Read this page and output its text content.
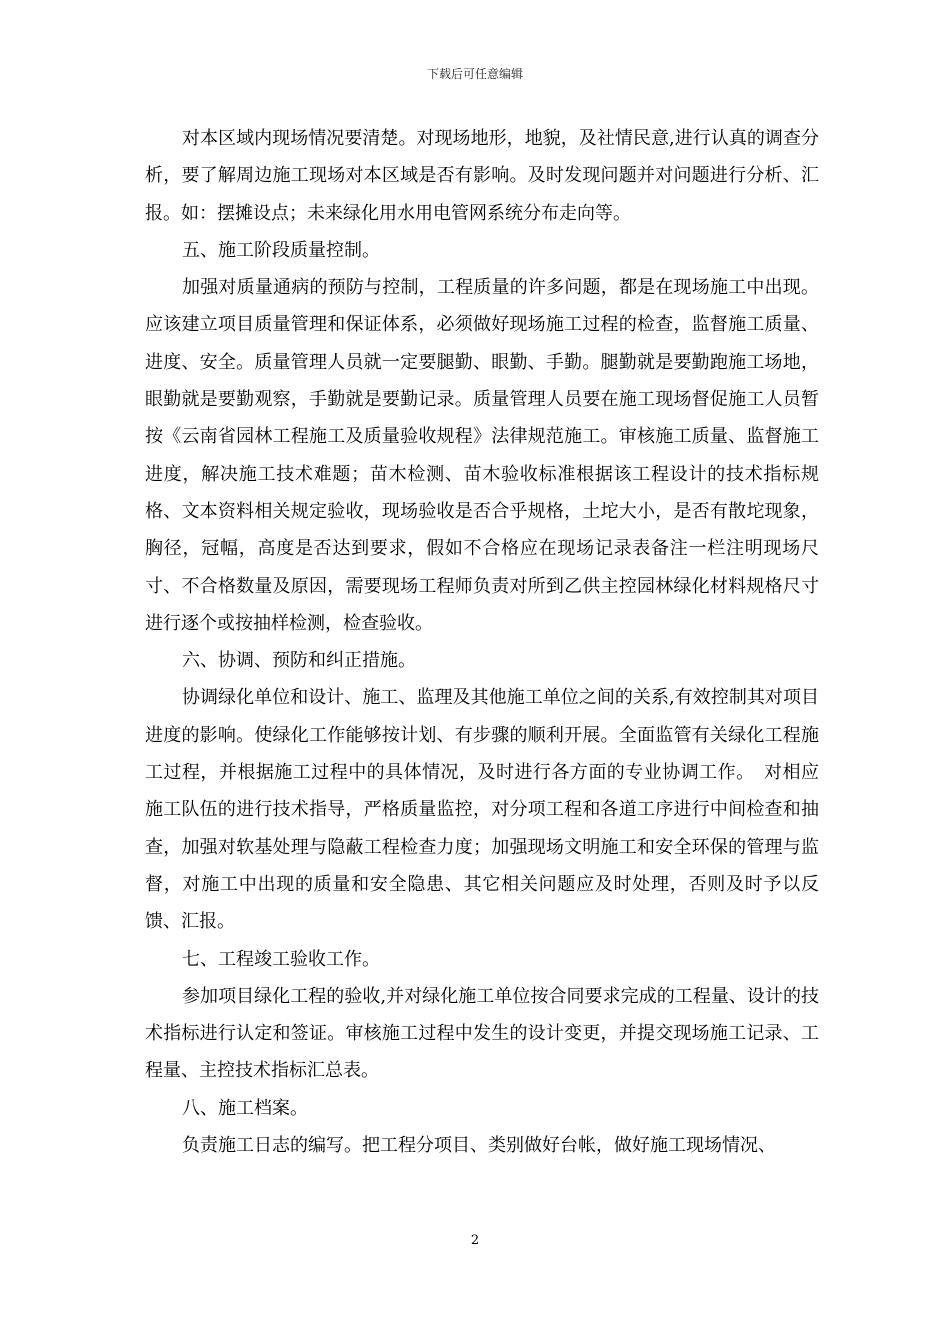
下载后可任意编辑

对本区域内现场情况要清楚。对现场地形，地貌，及社情民意,进行认真的调查分析，要了解周边施工现场对本区域是否有影响。及时发现问题并对问题进行分析、汇报。如：摆摊设点；未来绿化用水用电管网系统分布走向等。

五、施工阶段质量控制。

加强对质量通病的预防与控制，工程质量的许多问题，都是在现场施工中出现。应该建立项目质量管理和保证体系，必须做好现场施工过程的检查，监督施工质量、进度、安全。质量管理人员就一定要腿勤、眼勤、手勤。腿勤就是要勤跑施工场地，眼勤就是要勤观察，手勤就是要勤记录。质量管理人员要在施工现场督促施工人员暂按《云南省园林工程施工及质量验收规程》法律规范施工。审核施工质量、监督施工进度，解决施工技术难题；苗木检测、苗木验收标准根据该工程设计的技术指标规格、文本资料相关规定验收，现场验收是否合乎规格，土坨大小，是否有散坨现象，胸径，冠幅，高度是否达到要求，假如不合格应在现场记录表备注一栏注明现场尺寸、不合格数量及原因，需要现场工程师负责对所到乙供主控园林绿化材料规格尺寸进行逐个或按抽样检测，检查验收。

六、协调、预防和纠正措施。

协调绿化单位和设计、施工、监理及其他施工单位之间的关系,有效控制其对项目进度的影响。使绿化工作能够按计划、有步骤的顺利开展。全面监管有关绿化工程施工过程，并根据施工过程中的具体情况，及时进行各方面的专业协调工作。　对相应施工队伍的进行技术指导，严格质量监控，对分项工程和各道工序进行中间检查和抽查，加强对软基处理与隐蔽工程检查力度；加强现场文明施工和安全环保的管理与监督，对施工中出现的质量和安全隐患、其它相关问题应及时处理，否则及时予以反馈、汇报。

七、工程竣工验收工作。

参加项目绿化工程的验收,并对绿化施工单位按合同要求完成的工程量、设计的技术指标进行认定和签证。审核施工过程中发生的设计变更，并提交现场施工记录、工程量、主控技术指标汇总表。

八、施工档案。

负责施工日志的编写。把工程分项目、类别做好台帐，做好施工现场情况、

2
